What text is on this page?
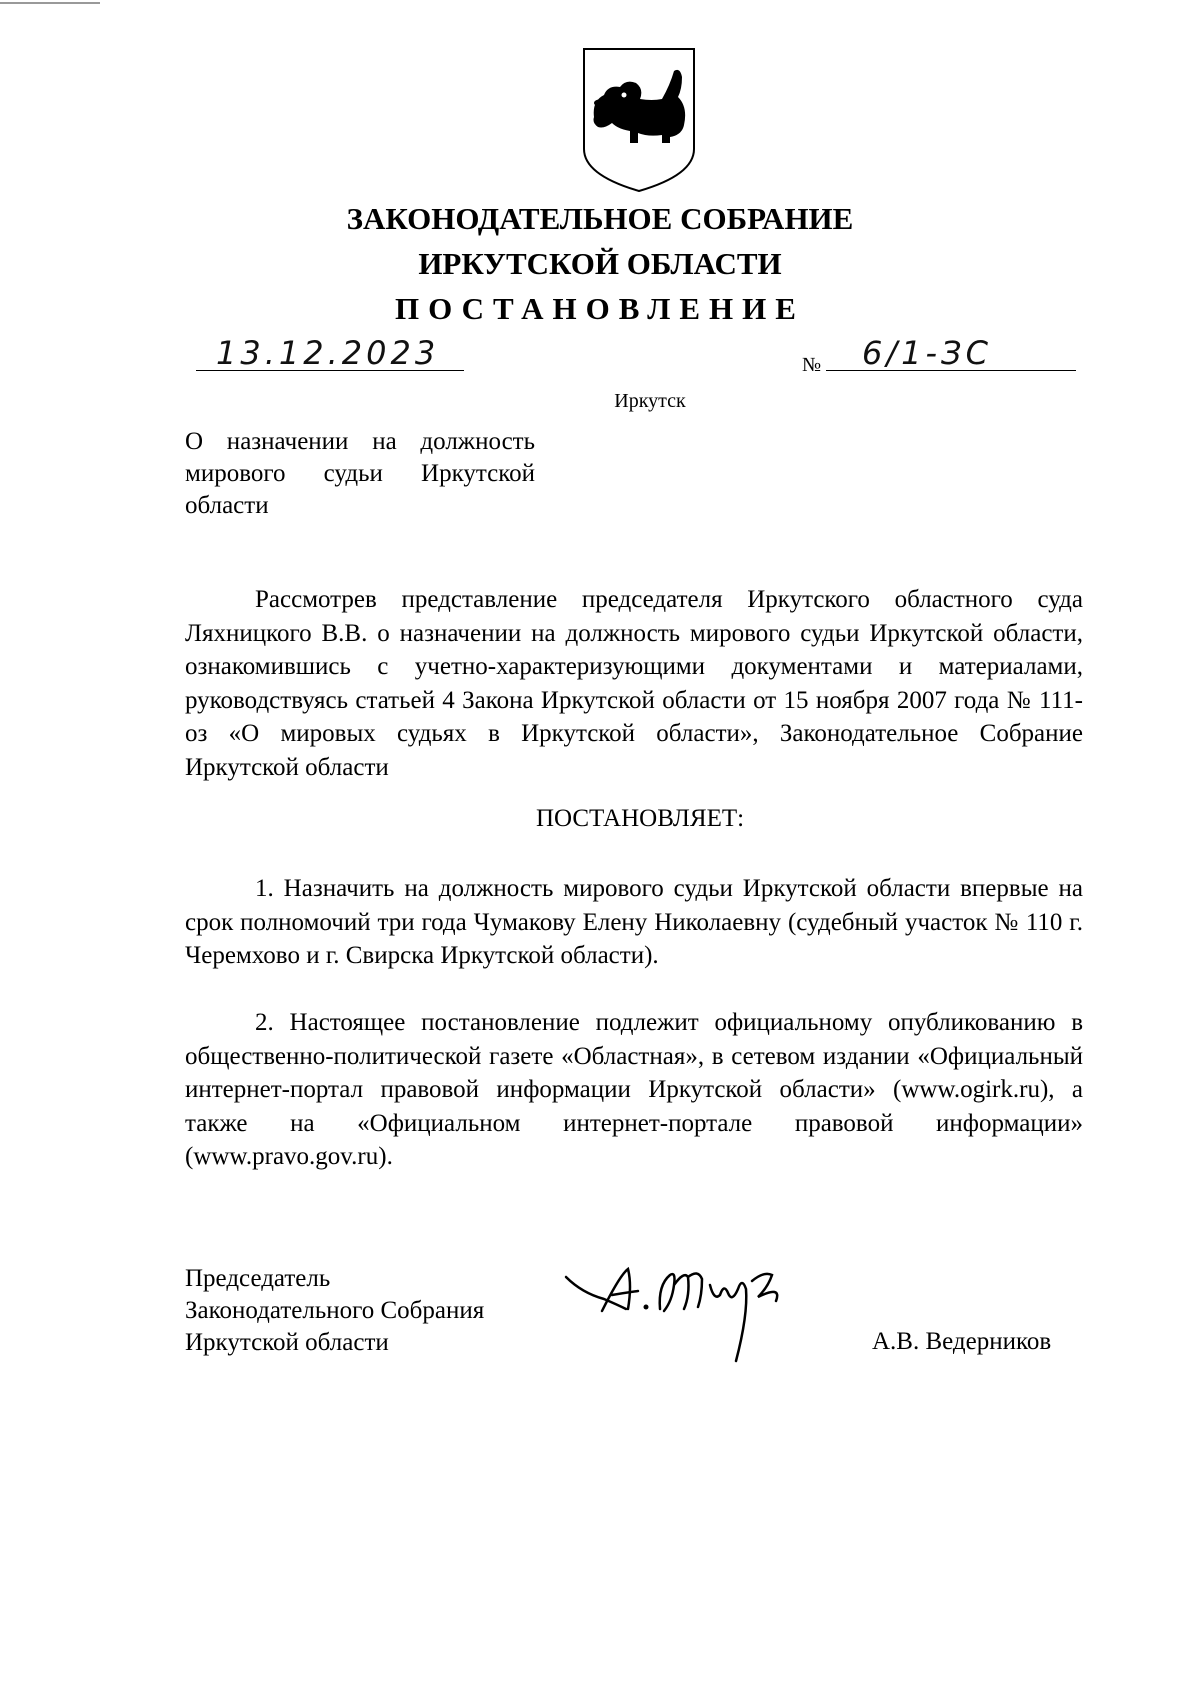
ЗАКОНОДАТЕЛЬНОЕ СОБРАНИЕ
ИРКУТСКОЙ ОБЛАСТИ
ПОСТАНОВЛЕНИЕ
13.12.2023	№ 6/1-ЗС
Иркутск
О назначении на должность мирового судьи Иркутской области
Рассмотрев представление председателя Иркутского областного суда Ляхницкого В.В. о назначении на должность мирового судьи Иркутской области, ознакомившись с учетно-характеризующими документами и материалами, руководствуясь статьей 4 Закона Иркутской области от 15 ноября 2007 года № 111-оз «О мировых судьях в Иркутской области», Законодательное Собрание Иркутской области
ПОСТАНОВЛЯЕТ:
1. Назначить на должность мирового судьи Иркутской области впервые на срок полномочий три года Чумакову Елену Николаевну (судебный участок № 110 г. Черемхово и г. Свирска Иркутской области).
2. Настоящее постановление подлежит официальному опубликованию в общественно-политической газете «Областная», в сетевом издании «Официальный интернет-портал правовой информации Иркутской области» (www.ogirk.ru), а также на «Официальном интернет-портале правовой информации» (www.pravo.gov.ru).
Председатель
Законодательного Собрания
Иркутской области	А.В. Ведерников
